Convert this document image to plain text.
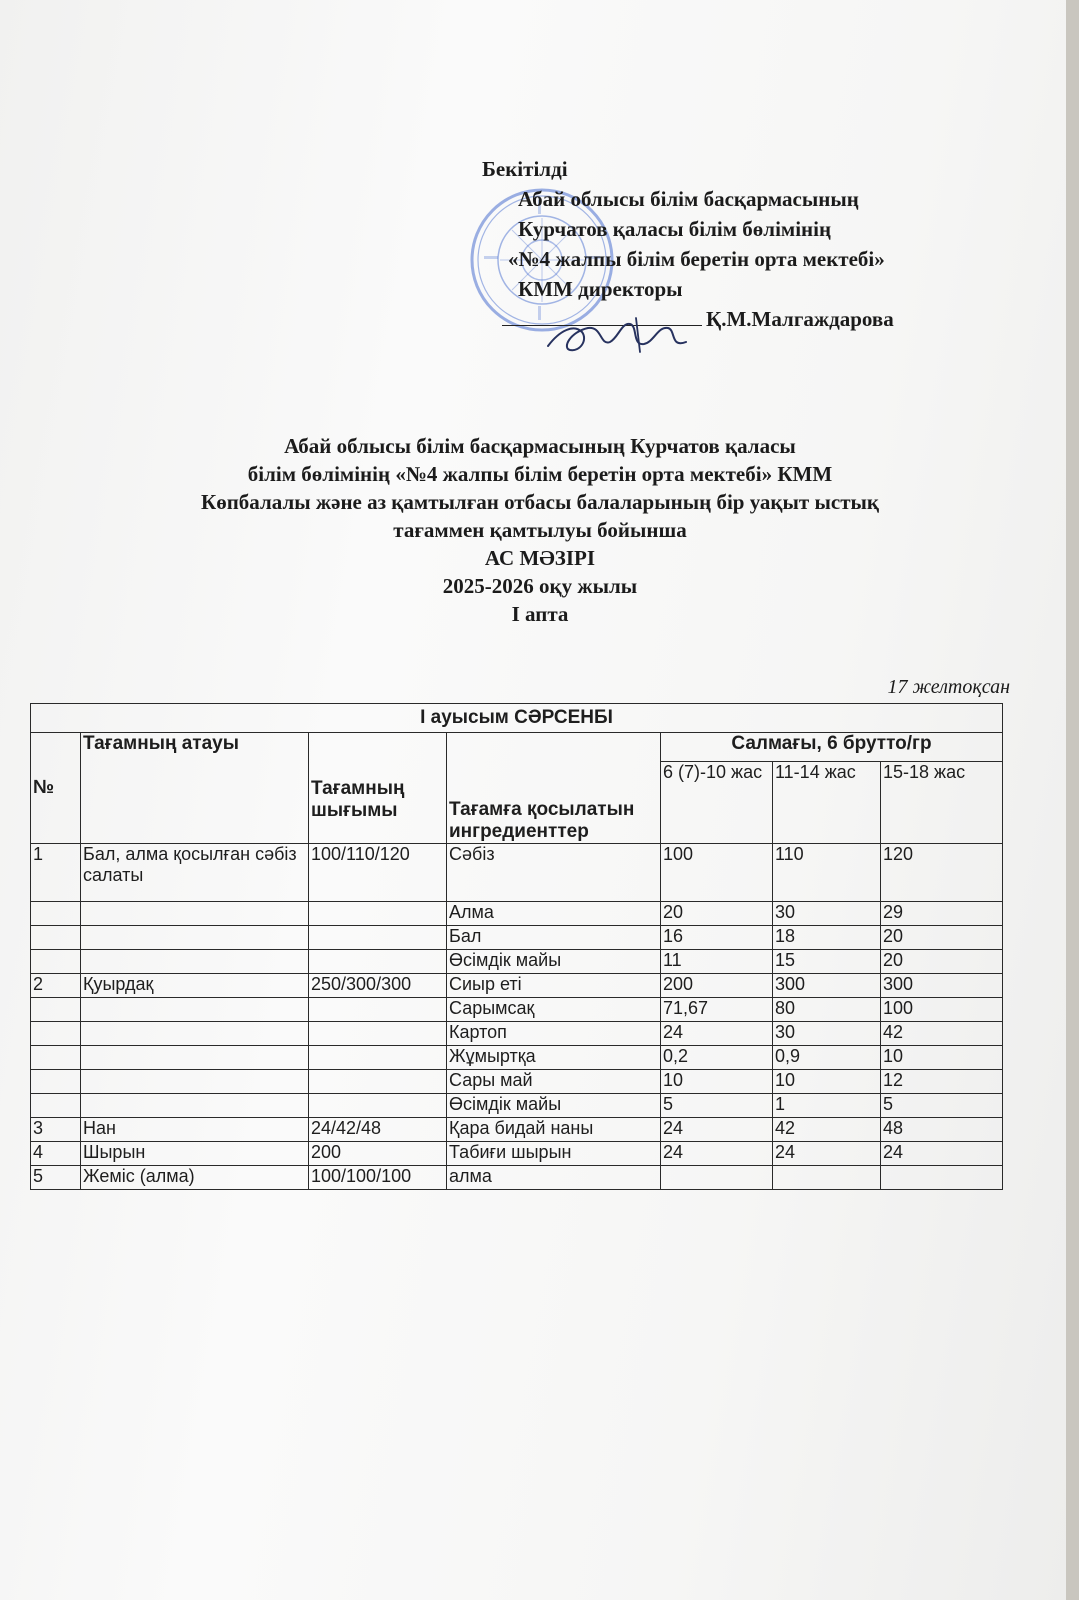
Бекітілді
Абай облысы білім басқармасының
Курчатов қаласы білім бөлімінің
«№4 жалпы білім беретін орта мектебі»
КММ директоры
Қ.М.Малгаждарова
Абай облысы білім басқармасының Курчатов қаласы
білім бөлімінің «№4 жалпы білім беретін орта мектебі» КММ
Көпбалалы және аз қамтылған отбасы балаларының бір уақыт ыстық
тағаммен қамтылуы бойынша
АС МӘЗІРІ
2025-2026 оқу жылы
I апта
17 желтоқсан
I ауысым СӘРСЕНБІ						
№	Тағамның атауы	Тағамның шығымы	Тағамға қосылатын ингредиенттер	Салмағы, 6 брутто/гр		
				6 (7)-10 жас	11-14 жас	15-18 жас
1	Бал, алма қосылған сәбіз салаты	100/110/120	Сәбіз	100	110	120
			Алма	20	30	29
			Бал	16	18	20
			Өсімдік майы	11	15	20
2	Қуырдақ	250/300/300	Сиыр еті	200	300	300
			Сарымсақ	71,67	80	100
			Картоп	24	30	42
			Жұмыртқа	0,2	0,9	10
			Сары май	10	10	12
			Өсімдік майы	5	1	5
3	Нан	24/42/48	Қара бидай наны	24	42	48
4	Шырын	200	Табиғи шырын	24	24	24
5	Жеміс (алма)	100/100/100	алма			
